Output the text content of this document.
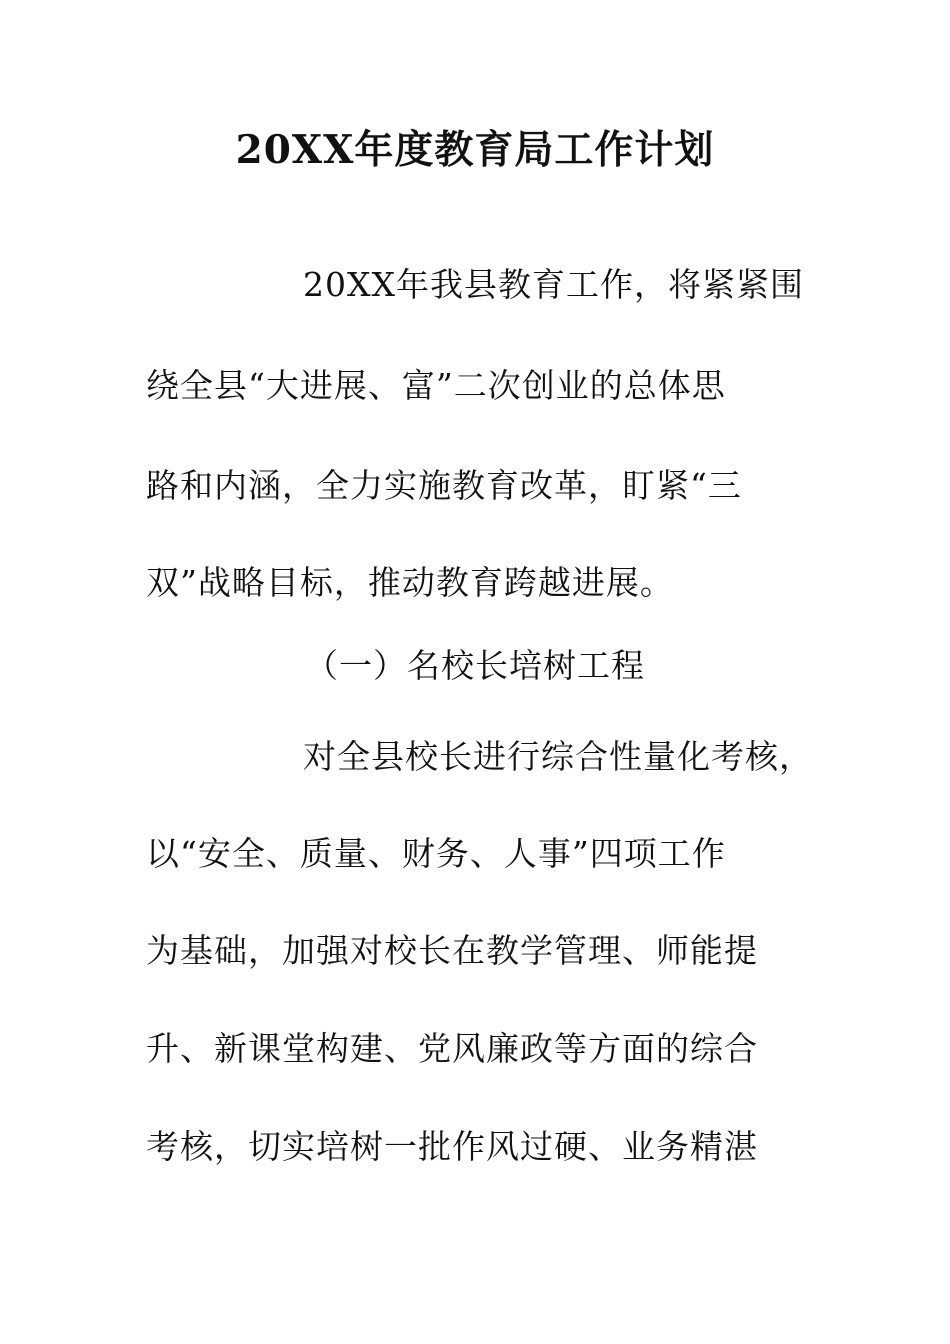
20XX年度教育局工作计划
20XX年我县教育工作，将紧紧围
绕全县“大进展、富”二次创业的总体思
路和内涵，全力实施教育改革，盯紧“三
双”战略目标，推动教育跨越进展。
（一）名校长培树工程
对全县校长进行综合性量化考核，
以“安全、质量、财务、人事”四项工作
为基础，加强对校长在教学管理、师能提
升、新课堂构建、党风廉政等方面的综合
考核，切实培树一批作风过硬、业务精湛
